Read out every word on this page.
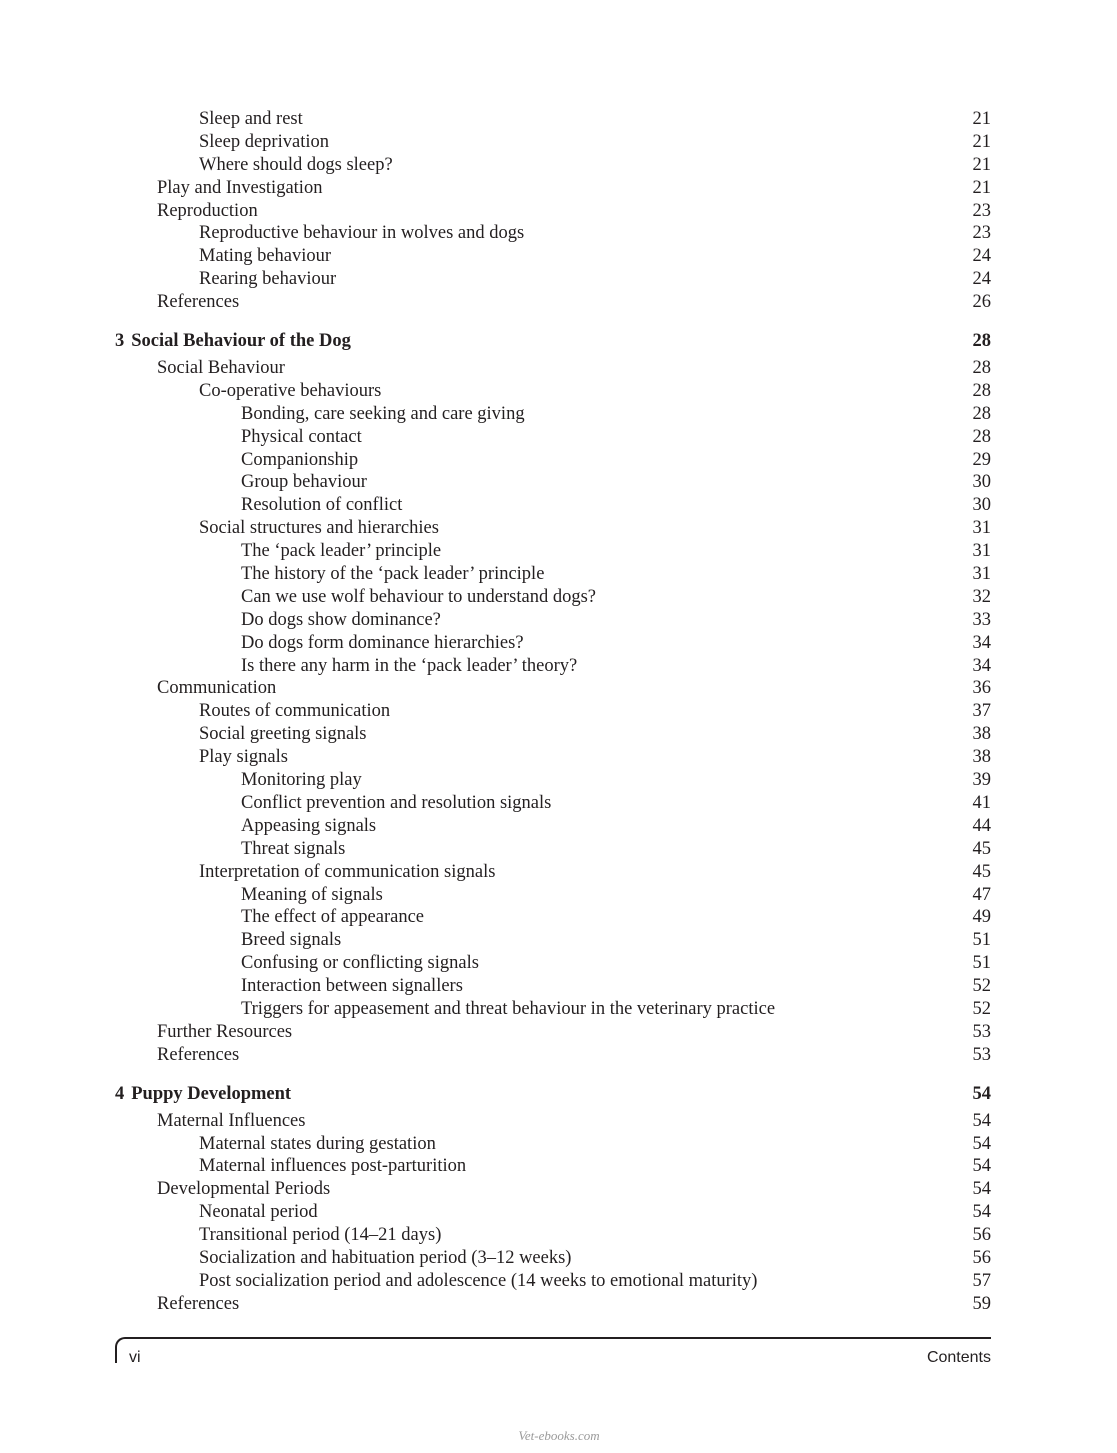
Sleep and rest	21
Sleep deprivation	21
Where should dogs sleep?	21
Play and Investigation	21
Reproduction	23
Reproductive behaviour in wolves and dogs	23
Mating behaviour	24
Rearing behaviour	24
References	26
3 Social Behaviour of the Dog	28
Social Behaviour	28
Co-operative behaviours	28
Bonding, care seeking and care giving	28
Physical contact	28
Companionship	29
Group behaviour	30
Resolution of conflict	30
Social structures and hierarchies	31
The ‘pack leader’ principle	31
The history of the ‘pack leader’ principle	31
Can we use wolf behaviour to understand dogs?	32
Do dogs show dominance?	33
Do dogs form dominance hierarchies?	34
Is there any harm in the ‘pack leader’ theory?	34
Communication	36
Routes of communication	37
Social greeting signals	38
Play signals	38
Monitoring play	39
Conflict prevention and resolution signals	41
Appeasing signals	44
Threat signals	45
Interpretation of communication signals	45
Meaning of signals	47
The effect of appearance	49
Breed signals	51
Confusing or conflicting signals	51
Interaction between signallers	52
Triggers for appeasement and threat behaviour in the veterinary practice	52
Further Resources	53
References	53
4 Puppy Development	54
Maternal Influences	54
Maternal states during gestation	54
Maternal influences post-parturition	54
Developmental Periods	54
Neonatal period	54
Transitional period (14–21 days)	56
Socialization and habituation period (3–12 weeks)	56
Post socialization period and adolescence (14 weeks to emotional maturity)	57
References	59
vi	Contents
Vet-ebooks.com
